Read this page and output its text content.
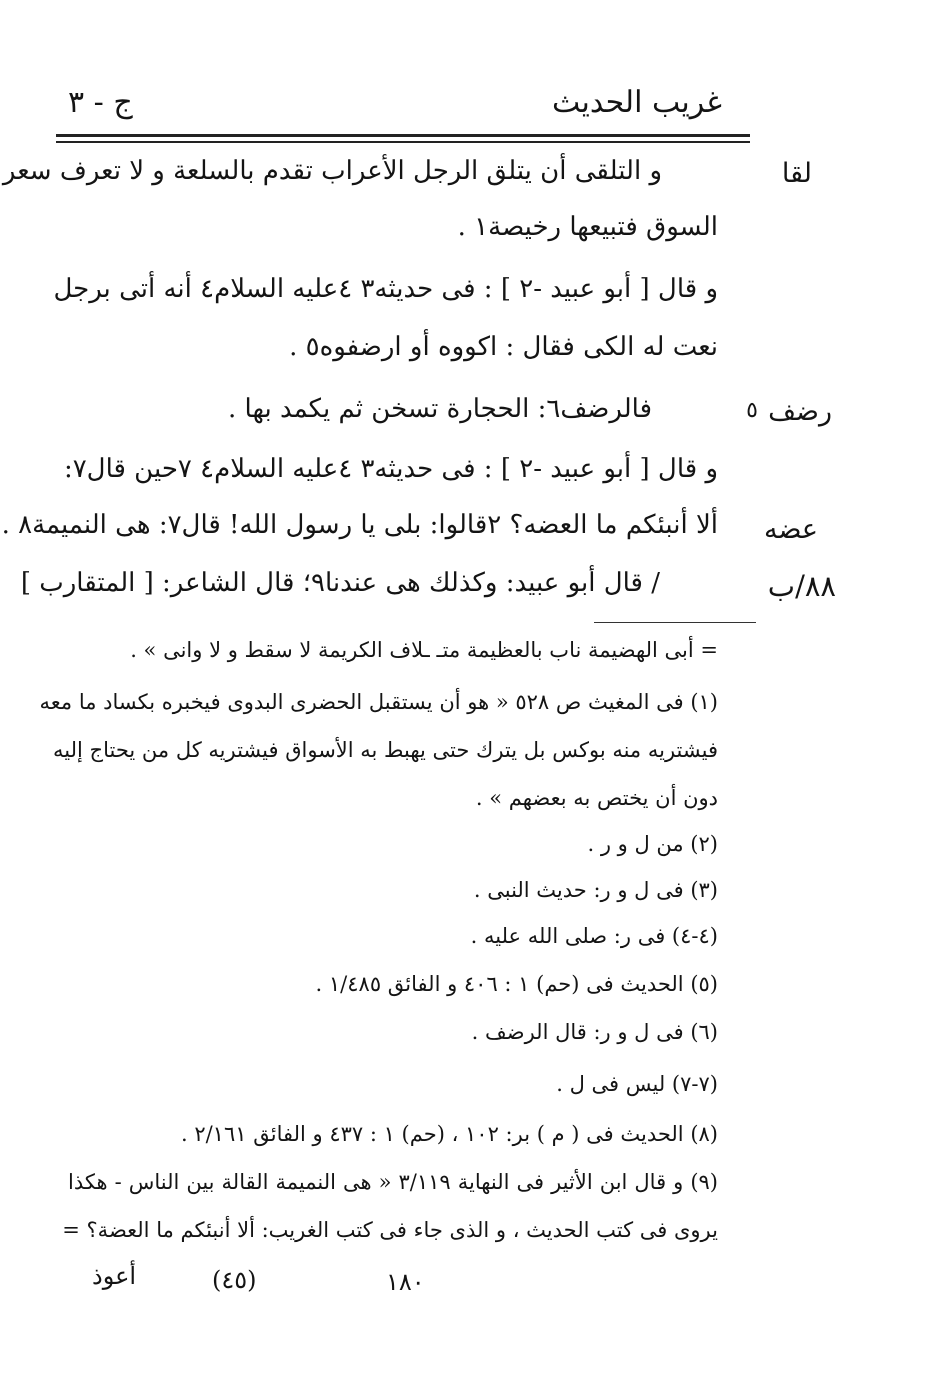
غريب الحديث
ج - ٣
لقا
رضف
٥
عضه
٨٨/ب
و التلقى أن يتلق الرجل الأعراب تقدم بالسلعة و لا تعرف سعر
السوق فتبيعها رخيصة١ .
و قال [ أبو عبيد -٢ ] : فى حديثه٣ ٤عليه السلام٤ أنه أتى برجل
نعت له الكى فقال : اكووه أو ارضفوه٥ .
فالرضف٦: الحجارة تسخن ثم يكمد بها .
و قال [ أبو عبيد -٢ ] : فى حديثه٣ ٤عليه السلام٤ ٧حين قال٧:
ألا أنبئكم ما العضه؟ ٢قالوا: بلى يا رسول الله! قال٧: هى النميمة٨ .
/ قال أبو عبيد: وكذلك هى عندنا٩؛ قال الشاعر: [ المتقارب ]
= أبى الهضيمة ناب بالعظيمة متـ ـلاف الكريمة لا سقط و لا وانى » .
(١) فى المغيث ص ٥٢٨ « هو أن يستقبل الحضرى البدوى فيخبره بكساد ما معه
فيشتريه منه بوكس بل يترك حتى يهبط به الأسواق فيشتريه كل من يحتاج إليه
دون أن يختص به بعضهم » .
(٢) من ل و ر .
(٣) فى ل و ر: حديث النبى .
(٤-٤) فى ر: صلى الله عليه .
(٥) الحديث فى (حم) ١ : ٤٠٦ و الفائق ١/٤٨٥ .
(٦) فى ل و ر: قال الرضف .
(٧-٧) ليس فى ل .
(٨) الحديث فى ( م ) بر: ١٠٢ ، (حم) ١ : ٤٣٧ و الفائق ٢/١٦١ .
(٩) و قال ابن الأثير فى النهاية ٣/١١٩ « هى النميمة القالة بين الناس - هكذا
يروى فى كتب الحديث ، و الذى جاء فى كتب الغريب: ألا أنبئكم ما العضة؟ =
أعوذ	(٤٥)	١٨٠
